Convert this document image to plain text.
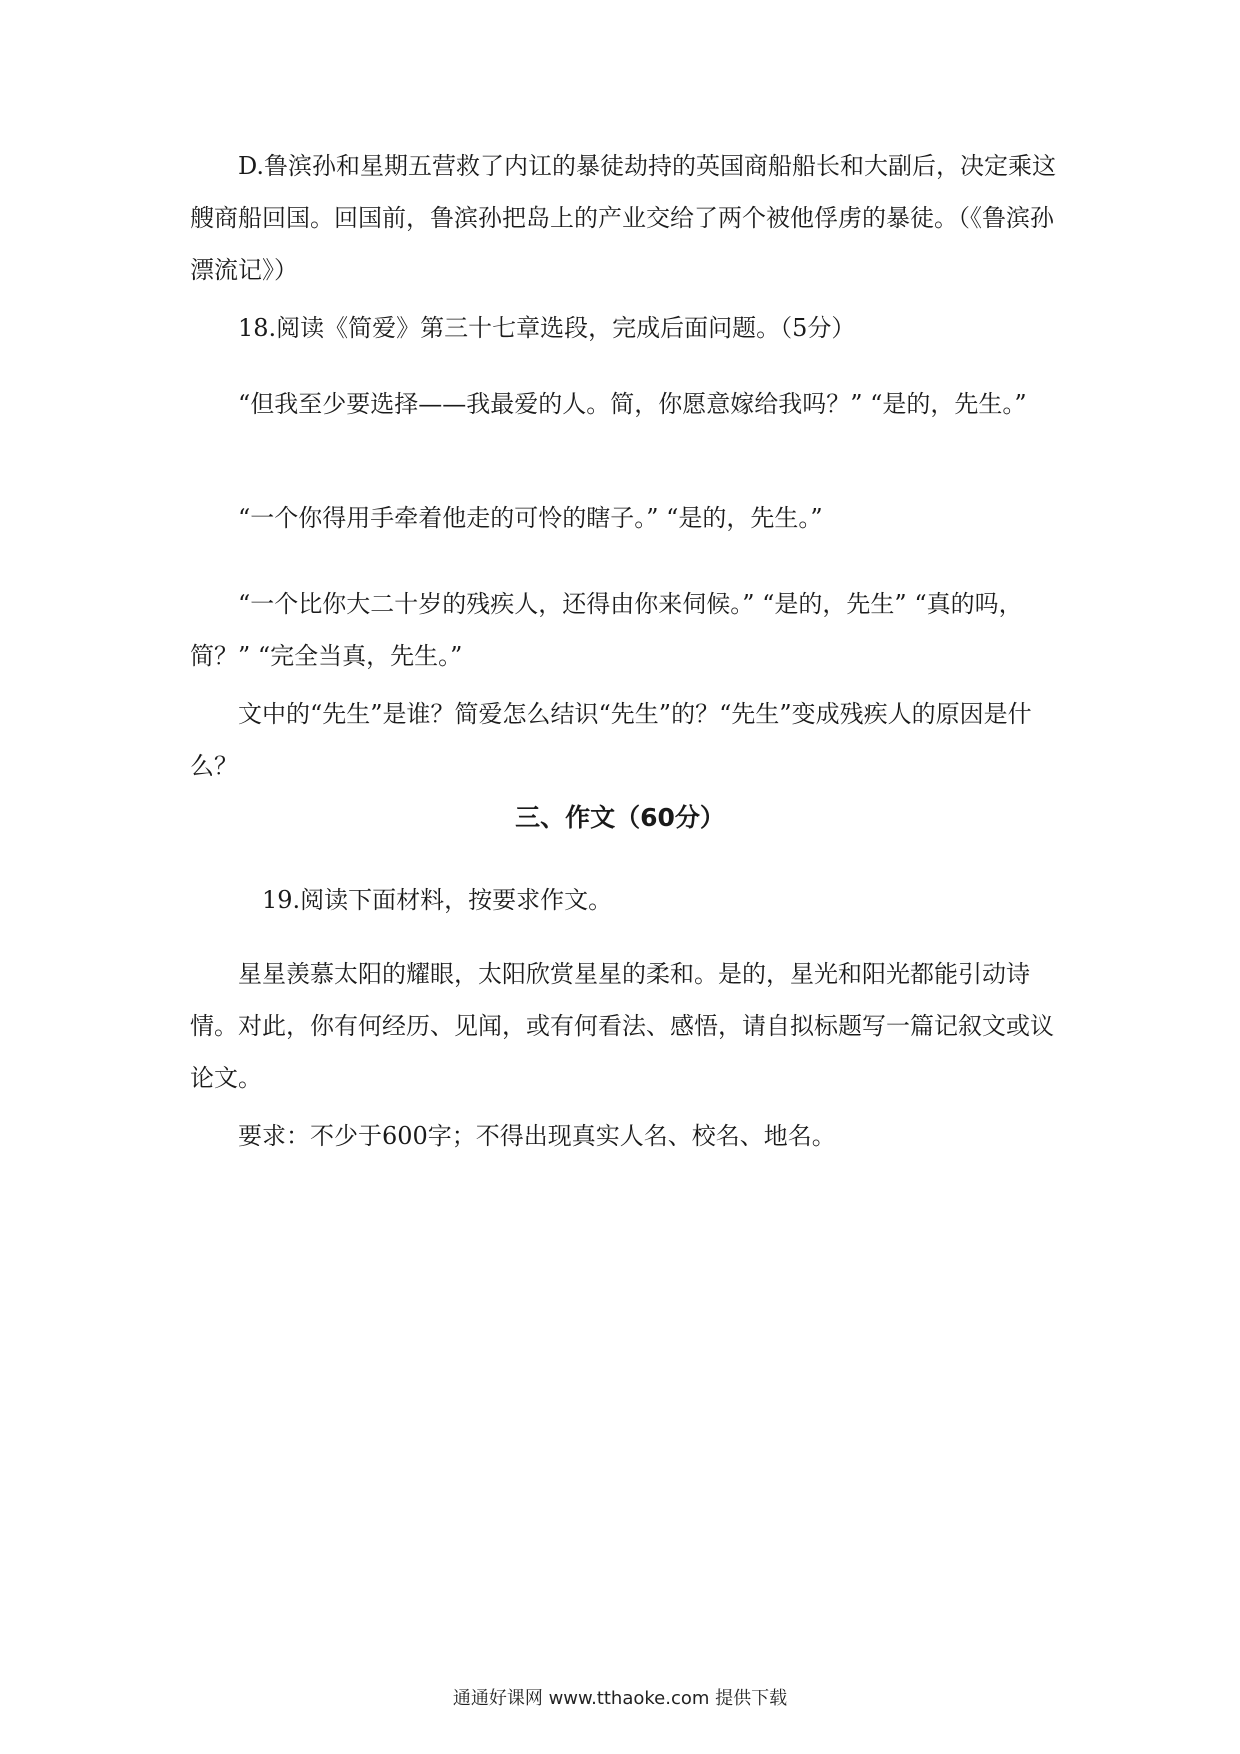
D.鲁滨孙和星期五营救了内讧的暴徒劫持的英国商船船长和大副后，决定乘这艘商船回国。回国前，鲁滨孙把岛上的产业交给了两个被他俘虏的暴徒。（《鲁滨孙漂流记》）

18.阅读《简爱》第三十七章选段，完成后面问题。（5分）

“但我至少要选择——我最爱的人。简，你愿意嫁给我吗？” “是的，先生。”

“一个你得用手牵着他走的可怜的瞎子。” “是的，先生。”

“一个比你大二十岁的残疾人，还得由你来伺候。” “是的，先生” “真的吗，简？” “完全当真，先生。”

文中的“先生”是谁？简爱怎么结识“先生”的？“先生”变成残疾人的原因是什么？

三、作文（60分）

19.阅读下面材料，按要求作文。

星星羡慕太阳的耀眼，太阳欣赏星星的柔和。是的，星光和阳光都能引动诗情。对此，你有何经历、见闻，或有何看法、感悟，请自拟标题写一篇记叙文或议论文。

要求：不少于600字；不得出现真实人名、校名、地名。

通通好课网 www.tthaoke.com 提供下载
